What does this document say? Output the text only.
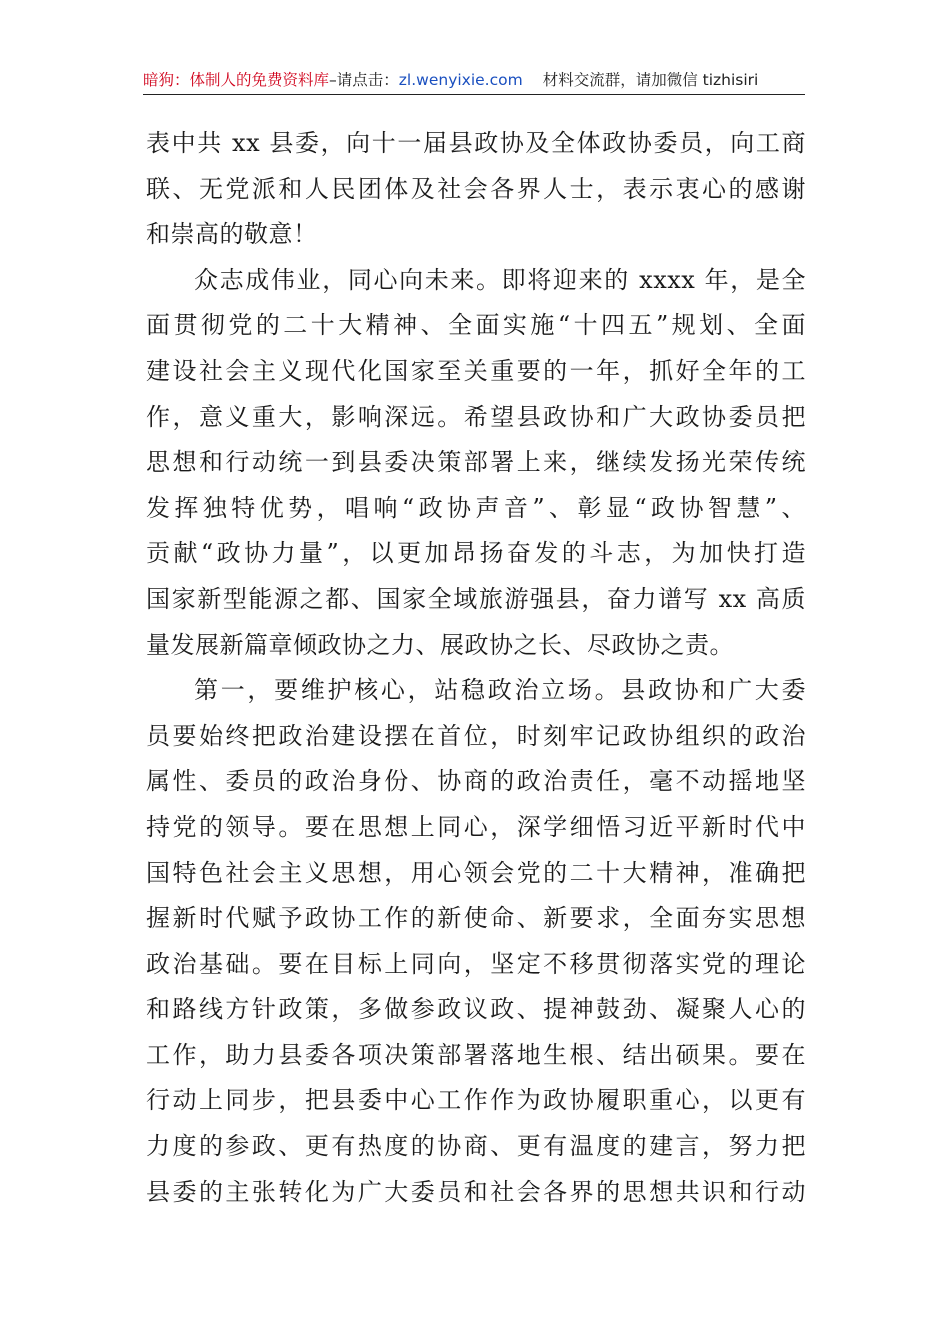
暗狗：体制人的免费资料库–请点击：zl.wenyixie.com 材料交流群，请加微信 tizhisiri
表中共 xx 县委，向十一届县政协及全体政协委员，向工商
联、无党派和人民团体及社会各界人士，表示衷心的感谢
和崇高的敬意！
众志成伟业，同心向未来。即将迎来的 xxxx 年，是全
面贯彻党的二十大精神、全面实施“十四五”规划、全面
建设社会主义现代化国家至关重要的一年，抓好全年的工
作，意义重大，影响深远。希望县政协和广大政协委员把
思想和行动统一到县委决策部署上来，继续发扬光荣传统
发挥独特优势，唱响“政协声音”、彰显“政协智慧”、
贡献“政协力量”，以更加昂扬奋发的斗志，为加快打造
国家新型能源之都、国家全域旅游强县，奋力谱写 xx 高质
量发展新篇章倾政协之力、展政协之长、尽政协之责。
第一，要维护核心，站稳政治立场。县政协和广大委
员要始终把政治建设摆在首位，时刻牢记政协组织的政治
属性、委员的政治身份、协商的政治责任，毫不动摇地坚
持党的领导。要在思想上同心，深学细悟习近平新时代中
国特色社会主义思想，用心领会党的二十大精神，准确把
握新时代赋予政协工作的新使命、新要求，全面夯实思想
政治基础。要在目标上同向，坚定不移贯彻落实党的理论
和路线方针政策，多做参政议政、提神鼓劲、凝聚人心的
工作，助力县委各项决策部署落地生根、结出硕果。要在
行动上同步，把县委中心工作作为政协履职重心，以更有
力度的参政、更有热度的协商、更有温度的建言，努力把
县委的主张转化为广大委员和社会各界的思想共识和行动
